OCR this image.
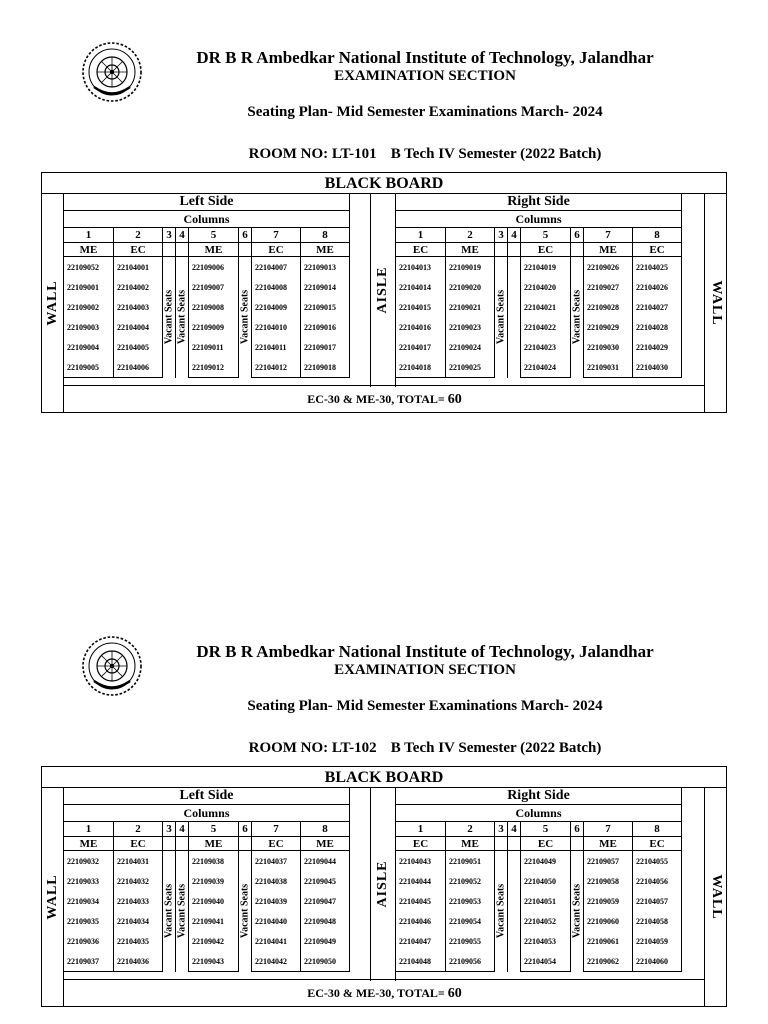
DR B R Ambedkar National Institute of Technology, Jalandhar
EXAMINATION SECTION
Seating Plan- Mid Semester Examinations March- 2024
ROOM NO: LT-101 B Tech IV Semester (2022 Batch)
BLACK BOARD
WALL	AISLE	WALL
Left Side							
Columns							
1	2	3	4	5	6	7	8
ME	EC			ME		EC	ME
22109052	22104001	Vacant Seats	Vacant Seats	22109006	Vacant Seats	22104007	22109013
22109001	22104002			22109007		22104008	22109014
22109002	22104003			22109008		22104009	22109015
22109003	22104004			22109009		22104010	22109016
22109004	22104005			22109011		22104011	22109017
22109005	22104006			22109012		22104012	22109018
Right Side							
Columns							
1	2	3	4	5	6	7	8
EC	ME			EC		ME	EC
22104013	22109019	Vacant Seats		22104019	Vacant Seats	22109026	22104025
22104014	22109020			22104020		22109027	22104026
22104015	22109021			22104021		22109028	22104027
22104016	22109023			22104022		22109029	22104028
22104017	22109024			22104023		22109030	22104029
22104018	22109025			22104024		22109031	22104030
EC-30 & ME-30, TOTAL= 60
DR B R Ambedkar National Institute of Technology, Jalandhar
EXAMINATION SECTION
Seating Plan- Mid Semester Examinations March- 2024
ROOM NO: LT-102 B Tech IV Semester (2022 Batch)
BLACK BOARD
WALL	AISLE	WALL
Left Side							
Columns							
1	2	3	4	5	6	7	8
ME	EC			ME		EC	ME
22109032	22104031	Vacant Seats	Vacant Seats	22109038	Vacant Seats	22104037	22109044
22109033	22104032			22109039		22104038	22109045
22109034	22104033			22109040		22104039	22109047
22109035	22104034			22109041		22104040	22109048
22109036	22104035			22109042		22104041	22109049
22109037	22104036			22109043		22104042	22109050
Right Side							
Columns							
1	2	3	4	5	6	7	8
EC	ME			EC		ME	EC
22104043	22109051	Vacant Seats		22104049	Vacant Seats	22109057	22104055
22104044	22109052			22104050		22109058	22104056
22104045	22109053			22104051		22109059	22104057
22104046	22109054			22104052		22109060	22104058
22104047	22109055			22104053		22109061	22104059
22104048	22109056			22104054		22109062	22104060
EC-30 & ME-30, TOTAL= 60
